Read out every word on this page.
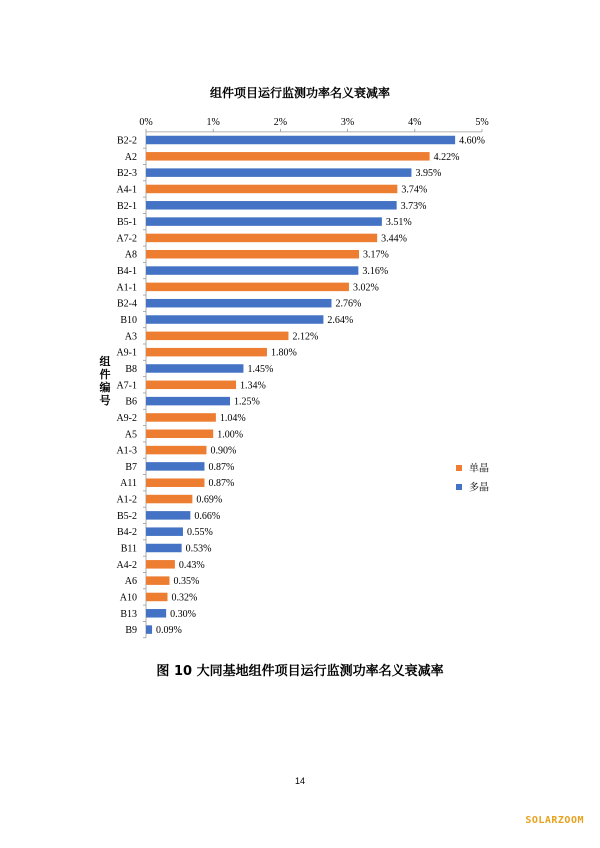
组件项目运行监测功率名义衰减率
0%	1%	2%	3%	4%	5%
B2-2	4.60%
A2	4.22%
B2-3	3.95%
A4-1	3.74%
B2-1	3.73%
B5-1	3.51%
A7-2	3.44%
A8	3.17%
B4-1	3.16%
A1-1	3.02%
B2-4	2.76%
B10	2.64%
A3	2.12%
A9-1	1.80%
B8	1.45%
A7-1	1.34%
B6	1.25%
A9-2	1.04%
A5	1.00%
A1-3	0.90%
B7	0.87%
A11	0.87%
A1-2	0.69%
B5-2	0.66%
B4-2	0.55%
B11	0.53%
A4-2	0.43%
A6	0.35%
A10	0.32%
B13	0.30%
B9 0.09%
单晶
多晶
组件编号
图 10 大同基地组件项目运行监测功率名义衰减率
14
SOLARZOOM
